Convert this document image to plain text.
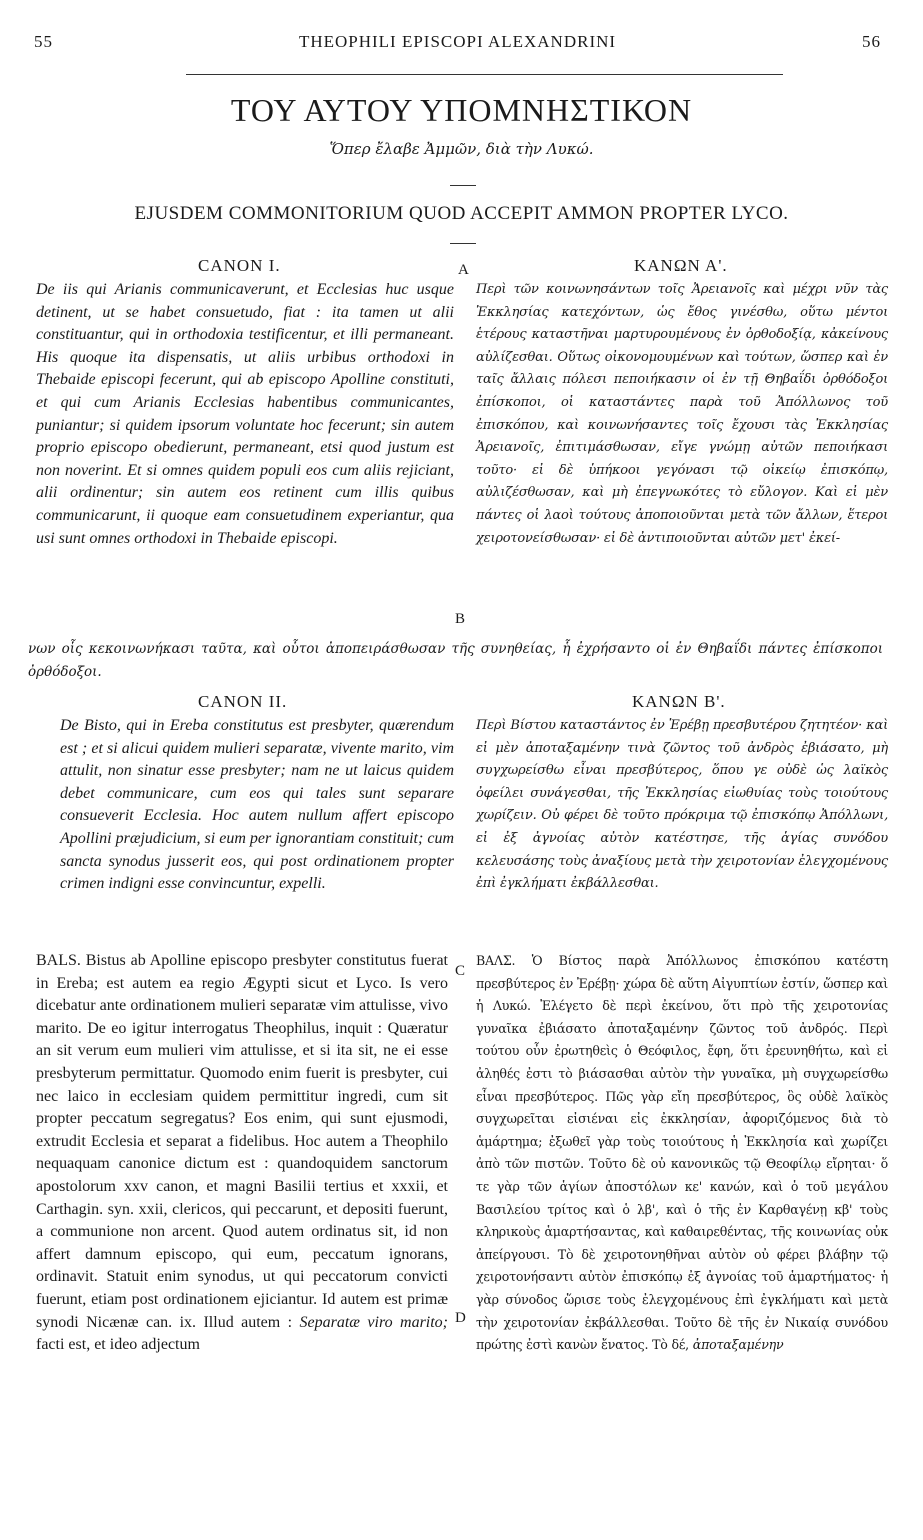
55	THEOPHILI EPISCOPI ALEXANDRINI	56
ΤΟΥ ΑΥΤΟΥ ΥΠΟΜΝΗΣΤΙΚΟΝ
Ὅπερ ἔλαβε Ἀμμῶν, διὰ τὴν Λυκώ.
EJUSDEM COMMONITORIUM QUOD ACCEPIT AMMON PROPTER LYCO.
CANON I.	A	ΚΑΝΩΝ Α'.

De iis qui Arianis communicaverunt, et Ecclesias huc usque detinent, ut se habet consuetudo, fiat : ita tamen ut alii constituantur, qui in orthodoxia testificentur, et illi permaneant. His quoque ita dispensatis, ut aliis urbibus orthodoxi in Thebaide episcopi fecerunt, qui ab episcopo Apolline constituti, et qui cum Arianis Ecclesias habentibus communicantes, puniantur; si quidem ipsorum voluntate hoc fecerunt; sin autem proprio episcopo obedierunt, permaneant, etsi quod justum est non noverint. Et si omnes quidem populi eos cum aliis rejiciant, alii ordinentur; sin autem eos retinent cum illis quibus communicarunt, ii quoque eam consuetudinem experiantur, qua usi sunt omnes orthodoxi in Thebaide episcopi.

Περὶ τῶν κοινωνησάντων τοῖς Ἀρειανοῖς καὶ μέχρι νῦν τὰς Ἐκκλησίας κατεχόντων, ὡς ἔθος γινέσθω, οὕτω μέντοι ἑτέρους καταστῆναι μαρτυρουμένους ἐν ὀρθοδοξίᾳ, κἀκείνους αὐλίζεσθαι. Οὕτως οἰκονομουμένων καὶ τούτων, ὥσπερ καὶ ἐν ταῖς ἄλλαις πόλεσι πεποιήκασιν οἱ ἐν τῇ Θηβαΐδι ὀρθόδοξοι ἐπίσκοποι, οἱ καταστάντες παρὰ τοῦ Ἀπόλλωνος τοῦ ἐπισκόπου, καὶ κοινωνήσαντες τοῖς ἔχουσι τὰς Ἐκκλησίας Ἀρειανοῖς, ἐπιτιμάσθωσαν, εἴγε γνώμῃ αὐτῶν πεποιήκασι τοῦτο· εἰ δὲ ὑπήκοοι γεγόνασι τῷ οἰκείῳ ἐπισκόπῳ, αὐλιζέσθωσαν, καὶ μὴ ἐπεγνωκότες τὸ εὔλογον. Καὶ εἰ μὲν πάντες οἱ λαοὶ τούτους ἀποποιοῦνται μετὰ τῶν ἄλλων, ἕτεροι χειροτονείσθωσαν· εἰ δὲ ἀντιποιοῦνται αὐτῶν μετ' ἐκεί-

B

νων οἷς κεκοινωνήκασι ταῦτα, καὶ οὗτοι ἀποπειράσθωσαν τῆς συνηθείας, ἧ ἐχρήσαντο οἱ ἐν Θηβαΐδι πάντες ἐπίσκοποι ὀρθόδοξοι.

CANON II.	ΚΑΝΩΝ Β'.

De Bisto, qui in Ereba constitutus est presbyter, quærendum est ; et si alicui quidem mulieri separatæ, vivente marito, vim attulit, non sinatur esse presbyter; nam ne ut laicus quidem debet communicare, cum eos qui tales sunt separare consueverit Ecclesia. Hoc autem nullum affert episcopo Apollini præjudicium, si eum per ignorantiam constituit; cum sancta synodus jusserit eos, qui post ordinationem propter crimen indigni esse convincuntur, expelli.

Περὶ Βίστου καταστάντος ἐν Ἐρέβῃ πρεσβυτέρου ζητητέον· καὶ εἰ μὲν ἀποταξαμένην τινὰ ζῶντος τοῦ ἀνδρὸς ἐβιάσατο, μὴ συγχωρείσθω εἶναι πρεσβύτερος, ὅπου γε οὐδὲ ὡς λαϊκὸς ὀφείλει συνάγεσθαι, τῆς Ἐκκλησίας εἰωθυίας τοὺς τοιούτους χωρίζειν. Οὐ φέρει δὲ τοῦτο πρόκριμα τῷ ἐπισκόπῳ Ἀπόλλωνι, εἰ ἐξ ἀγνοίας αὐτὸν κατέστησε, τῆς ἁγίας συνόδου κελευσάσης τοὺς ἀναξίους μετὰ τὴν χειροτονίαν ἐλεγχομένους ἐπὶ ἐγκλήματι ἐκβάλλεσθαι.

C

BALS. Bistus ab Apolline episcopo presbyter constitutus fuerat in Ereba; est autem ea regio Ægypti sicut et Lyco. Is vero dicebatur ante ordinationem mulieri separatæ vim attulisse, vivo marito. De eo igitur interrogatus Theophilus, inquit : Quæratur an sit verum eum mulieri vim attulisse, et si ita sit, ne ei esse presbyterum permittatur. Quomodo enim fuerit is presbyter, cui nec laico in ecclesiam quidem permittitur ingredi, cum sit propter peccatum segregatus? Eos enim, qui sunt ejusmodi, extrudit Ecclesia et separat a fidelibus. Hoc autem a Theophilo nequaquam canonice dictum est : quandoquidem sanctorum apostolorum xxv canon, et magni Basilii tertius et xxxii, et Carthagin. syn. xxii, clericos, qui peccarunt, et depositi fuerunt, a communione non arcent. Quod autem ordinatus sit, id non affert damnum episcopo, qui eum, peccatum ignorans, ordinavit. Statuit enim synodus, ut qui peccatorum convicti fuerunt, etiam post ordinationem ejiciantur. Id autem est primæ synodi Nicænæ can. ix. Illud autem : Separatæ viro marito; facti est, et ideo adjectum

D

ΒΑΛΣ. Ὁ Βίστος παρὰ Ἀπόλλωνος ἐπισκόπου κατέστη πρεσβύτερος ἐν Ἐρέβῃ· χώρα δὲ αὕτη Αἰγυπτίων ἐστίν, ὥσπερ καὶ ἡ Λυκώ. Ἐλέγετο δὲ περὶ ἐκείνου, ὅτι πρὸ τῆς χειροτονίας γυναῖκα ἐβιάσατο ἀποταξαμένην ζῶντος τοῦ ἀνδρός. Περὶ τούτου οὖν ἐρωτηθεὶς ὁ Θεόφιλος, ἔφη, ὅτι ἐρευνηθήτω, καὶ εἰ ἀληθές ἐστι τὸ βιάσασθαι αὐτὸν τὴν γυναῖκα, μὴ συγχωρείσθω εἶναι πρεσβύτερος. Πῶς γὰρ εἴη πρεσβύτερος, ὃς οὐδὲ λαϊκὸς συγχωρεῖται εἰσιέναι εἰς ἐκκλησίαν, ἀφοριζόμενος διὰ τὸ ἁμάρτημα; ἐξωθεῖ γὰρ τοὺς τοιούτους ἡ Ἐκκλησία καὶ χωρίζει ἀπὸ τῶν πιστῶν. Τοῦτο δὲ οὐ κανονικῶς τῷ Θεοφίλῳ εἴρηται· ὅ τε γὰρ τῶν ἁγίων ἀποστόλων κε' κανών, καὶ ὁ τοῦ μεγάλου Βασιλείου τρίτος καὶ ὁ λβ', καὶ ὁ τῆς ἐν Καρθαγένῃ κβ' τοὺς κληρικοὺς ἁμαρτήσαντας, καὶ καθαιρεθέντας, τῆς κοινωνίας οὐκ ἀπείργουσι. Τὸ δὲ χειροτονηθῆναι αὐτὸν οὐ φέρει βλάβην τῷ χειροτονήσαντι αὐτὸν ἐπισκόπῳ ἐξ ἀγνοίας τοῦ ἁμαρτήματος· ἡ γὰρ σύνοδος ὥρισε τοὺς ἐλεγχομένους ἐπὶ ἐγκλήματι καὶ μετὰ τὴν χειροτονίαν ἐκβάλλεσθαι. Τοῦτο δὲ τῆς ἐν Νικαίᾳ συνόδου πρώτης ἐστὶ κανὼν ἔνατος. Τὸ δέ, ἀποταξαμένην
